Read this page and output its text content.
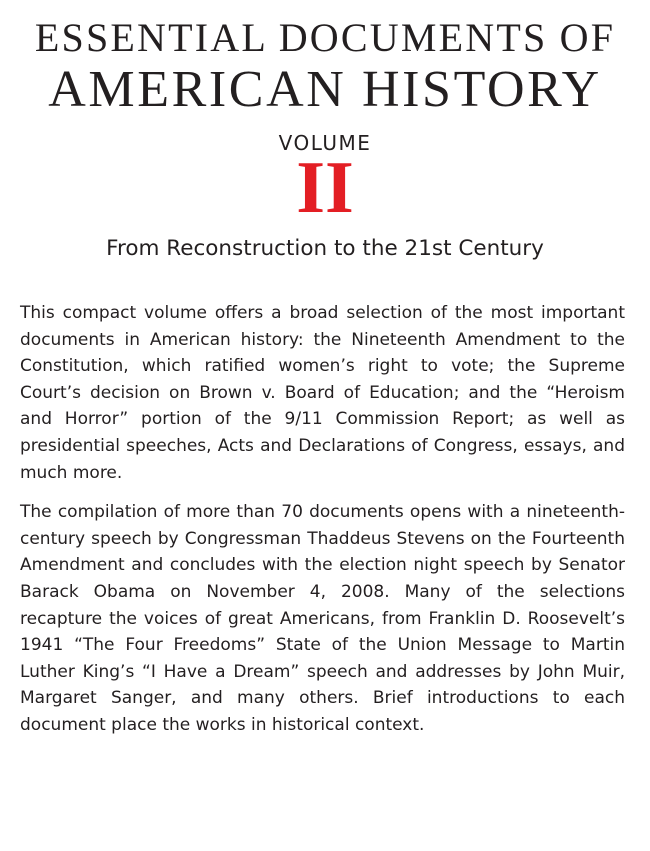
ESSENTIAL DOCUMENTS OF
AMERICAN HISTORY
VOLUME
II
From Reconstruction to the 21st Century

This compact volume offers a broad selection of the most important documents in American history: the Nineteenth Amendment to the Constitution, which ratified women’s right to vote; the Supreme Court’s decision on Brown v. Board of Education; and the “Heroism and Horror” portion of the 9/11 Commission Report; as well as presidential speeches, Acts and Declarations of Congress, essays, and much more.

The compilation of more than 70 documents opens with a nineteenth-century speech by Congressman Thaddeus Stevens on the Fourteenth Amendment and concludes with the election night speech by Senator Barack Obama on November 4, 2008. Many of the selections recapture the voices of great Americans, from Franklin D. Roosevelt’s 1941 “The Four Freedoms” State of the Union Message to Martin Luther King’s “I Have a Dream” speech and addresses by John Muir, Margaret Sanger, and many others. Brief introductions to each document place the works in historical context.
